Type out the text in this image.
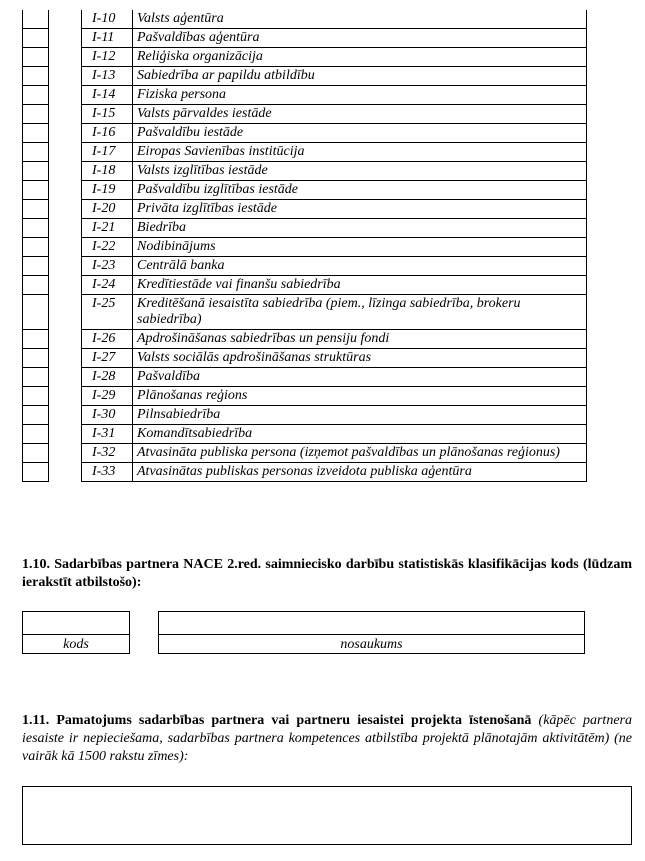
		I-10	Valsts aģentūra
		I-11	Pašvaldības aģentūra
		I-12	Reliģiska organizācija
		I-13	Sabiedrība ar papildu atbildību
		I-14	Fiziska persona
		I-15	Valsts pārvaldes iestāde
		I-16	Pašvaldību iestāde
		I-17	Eiropas Savienības institūcija
		I-18	Valsts izglītības iestāde
		I-19	Pašvaldību izglītības iestāde
		I-20	Privāta izglītības iestāde
		I-21	Biedrība
		I-22	Nodibinājums
		I-23	Centrālā banka
		I-24	Kredītiestāde vai finanšu sabiedrība
		I-25	Kreditēšanā iesaistīta sabiedrība (piem., līzinga sabiedrība, brokeru sabiedrība)
		I-26	Apdrošināšanas sabiedrības un pensiju fondi
		I-27	Valsts sociālās apdrošināšanas struktūras
		I-28	Pašvaldība
		I-29	Plānošanas reģions
		I-30	Pilnsabiedrība
		I-31	Komandītsabiedrība
		I-32	Atvasināta publiska persona (izņemot pašvaldības un plānošanas reģionus)
		I-33	Atvasinātas publiskas personas izveidota publiska aģentūra
1.10. Sadarbības partnera NACE 2.red. saimniecisko darbību statistiskās klasifikācijas kods (lūdzam ierakstīt atbilstošo):
kods	nosaukums
1.11. Pamatojums sadarbības partnera vai partneru iesaistei projekta īstenošanā (kāpēc partnera iesaiste ir nepieciešama, sadarbības partnera kompetences atbilstība projektā plānotajām aktivitātēm) (ne vairāk kā 1500 rakstu zīmes):
